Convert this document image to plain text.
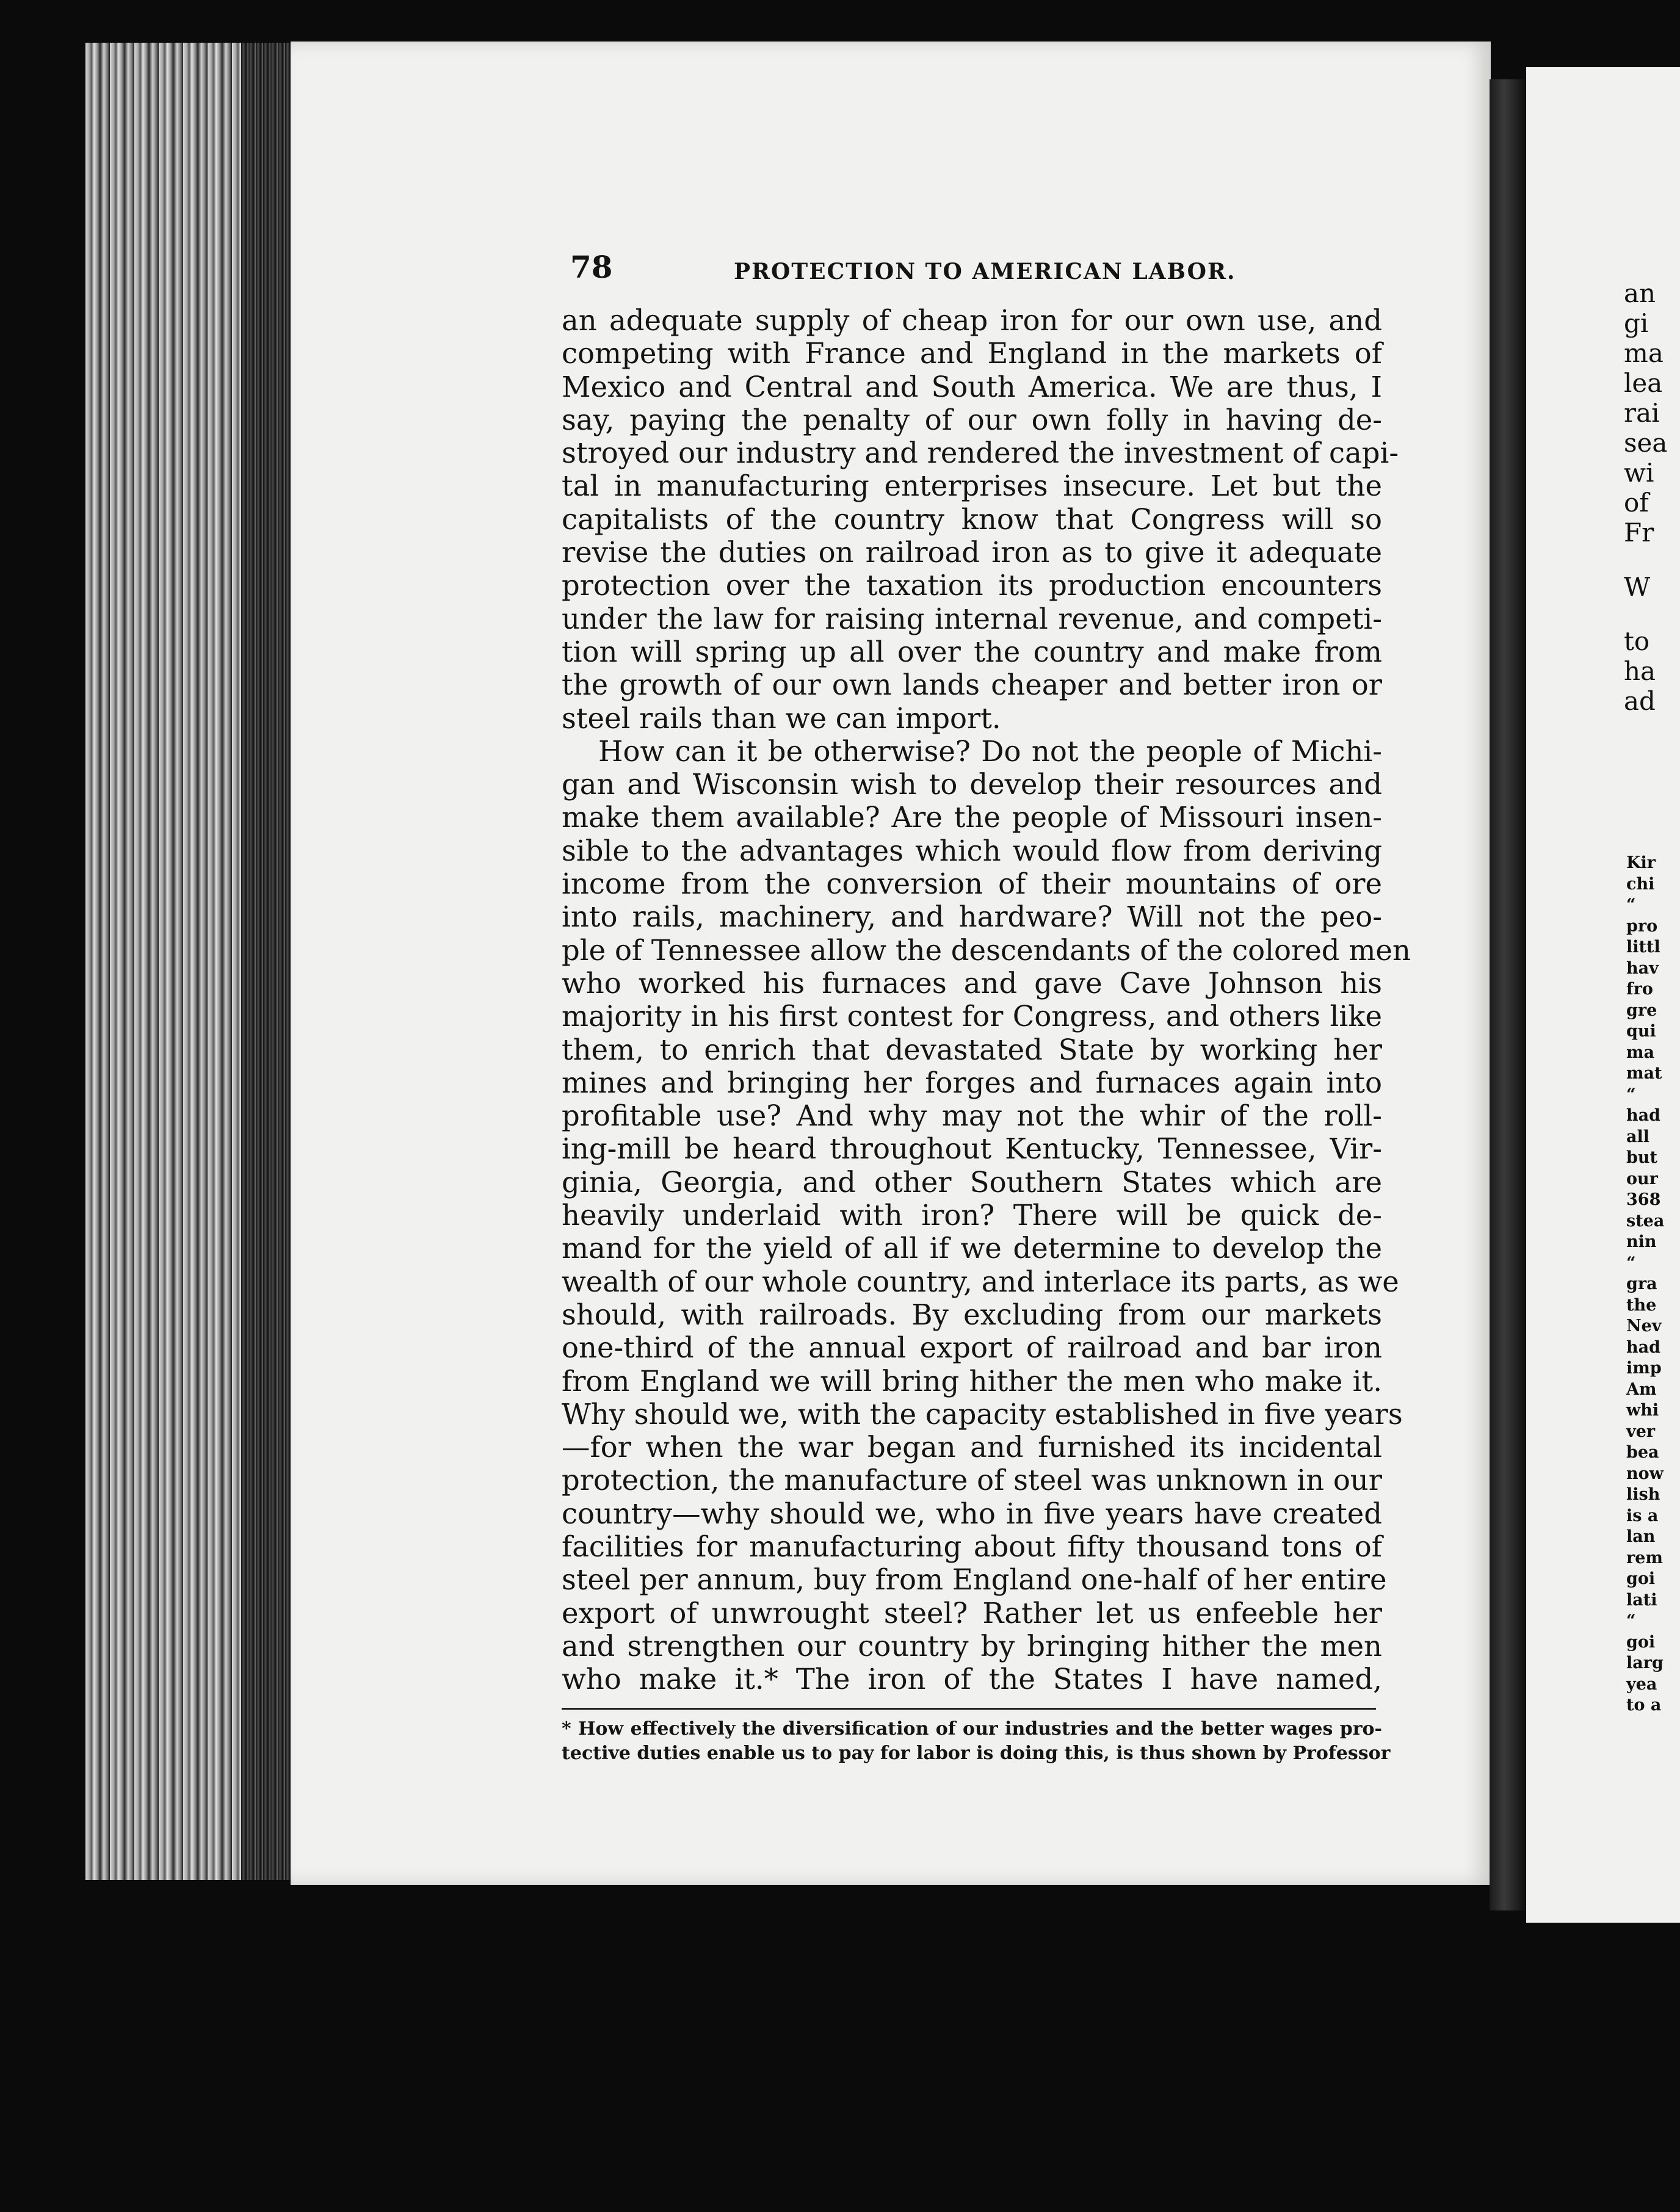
an
gi
ma
lea
rai
sea
wi
of
Fr
W
to
ha
ad
Kir
chi
“
pro
littl
hav
fro
gre
qui
ma
mat
“
had
all
but
our
368
stea
nin
“
gra
the
Nev
had
imp
Am
whi
ver
bea
now
lish
is a
lan
rem
goi
lati
“
goi
larg
yea
to a
78	PROTECTION TO AMERICAN LABOR.
an adequate supply of cheap iron for our own use, and
competing with France and England in the markets of
Mexico and Central and South America. We are thus, I
say, paying the penalty of our own folly in having de-
stroyed our industry and rendered the investment of capi-
tal in manufacturing enterprises insecure. Let but the
capitalists of the country know that Congress will so
revise the duties on railroad iron as to give it adequate
protection over the taxation its production encounters
under the law for raising internal revenue, and competi-
tion will spring up all over the country and make from
the growth of our own lands cheaper and better iron or
steel rails than we can import.
How can it be otherwise? Do not the people of Michi-
gan and Wisconsin wish to develop their resources and
make them available? Are the people of Missouri insen-
sible to the advantages which would flow from deriving
income from the conversion of their mountains of ore
into rails, machinery, and hardware? Will not the peo-
ple of Tennessee allow the descendants of the colored men
who worked his furnaces and gave Cave Johnson his
majority in his first contest for Congress, and others like
them, to enrich that devastated State by working her
mines and bringing her forges and furnaces again into
profitable use? And why may not the whir of the roll-
ing-mill be heard throughout Kentucky, Tennessee, Vir-
ginia, Georgia, and other Southern States which are
heavily underlaid with iron? There will be quick de-
mand for the yield of all if we determine to develop the
wealth of our whole country, and interlace its parts, as we
should, with railroads. By excluding from our markets
one-third of the annual export of railroad and bar iron
from England we will bring hither the men who make it.
Why should we, with the capacity established in five years
—for when the war began and furnished its incidental
protection, the manufacture of steel was unknown in our
country—why should we, who in five years have created
facilities for manufacturing about fifty thousand tons of
steel per annum, buy from England one-half of her entire
export of unwrought steel? Rather let us enfeeble her
and strengthen our country by bringing hither the men
who make it.* The iron of the States I have named,
* How effectively the diversification of our industries and the better wages pro-
tective duties enable us to pay for labor is doing this, is thus shown by Professor
